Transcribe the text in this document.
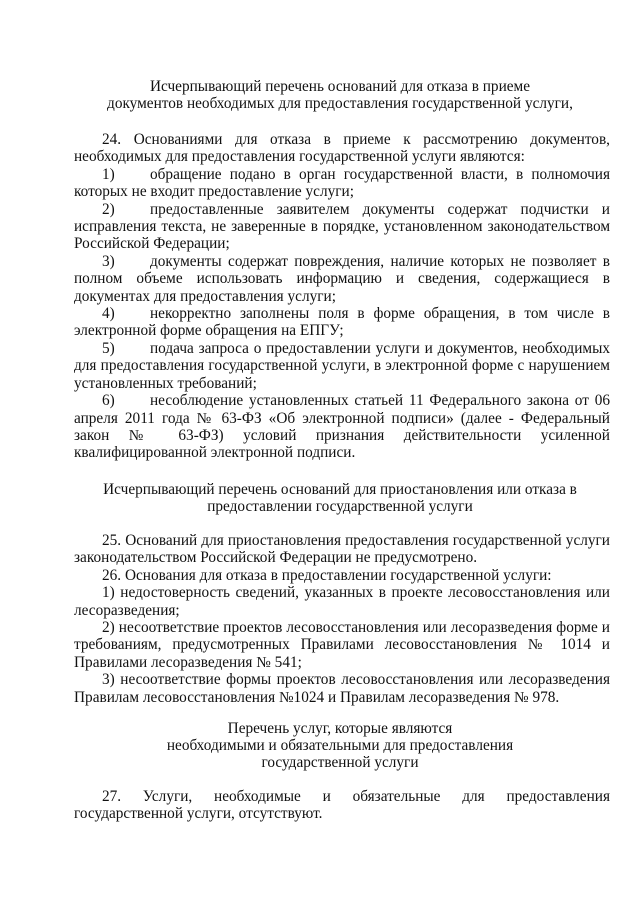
Исчерпывающий перечень оснований для отказа в приеме
документов необходимых для предоставления государственной услуги,

24. Основаниями для отказа в приеме к рассмотрению документов, необходимых для предоставления государственной услуги являются:

1) обращение подано в орган государственной власти, в полномочия которых не входит предоставление услуги;

2) предоставленные заявителем документы содержат подчистки и исправления текста, не заверенные в порядке, установленном законодательством Российской Федерации;

3) документы содержат повреждения, наличие которых не позволяет в полном объеме использовать информацию и сведения, содержащиеся в документах для предоставления услуги;

4) некорректно заполнены поля в форме обращения, в том числе в электронной форме обращения на ЕПГУ;

5) подача запроса о предоставлении услуги и документов, необходимых для предоставления государственной услуги, в электронной форме с нарушением установленных требований;

6) несоблюдение установленных статьей 11 Федерального закона от 06 апреля 2011 года № 63-ФЗ «Об электронной подписи» (далее - Федеральный закон № 63-ФЗ) условий признания действительности усиленной квалифицированной электронной подписи.

Исчерпывающий перечень оснований для приостановления или отказа в
предоставлении государственной услуги

25. Оснований для приостановления предоставления государственной услуги законодательством Российской Федерации не предусмотрено.

26. Основания для отказа в предоставлении государственной услуги:

1) недостоверность сведений, указанных в проекте лесовосстановления или лесоразведения;

2) несоответствие проектов лесовосстановления или лесоразведения форме и требованиям, предусмотренных Правилами лесовосстановления № 1014 и Правилами лесоразведения № 541;

3) несоответствие формы проектов лесовосстановления или лесоразведения Правилам лесовосстановления №1024 и Правилам лесоразведения № 978.

Перечень услуг, которые являются
необходимыми и обязательными для предоставления
государственной услуги

27. Услуги, необходимые и обязательные для предоставления государственной услуги, отсутствуют.
